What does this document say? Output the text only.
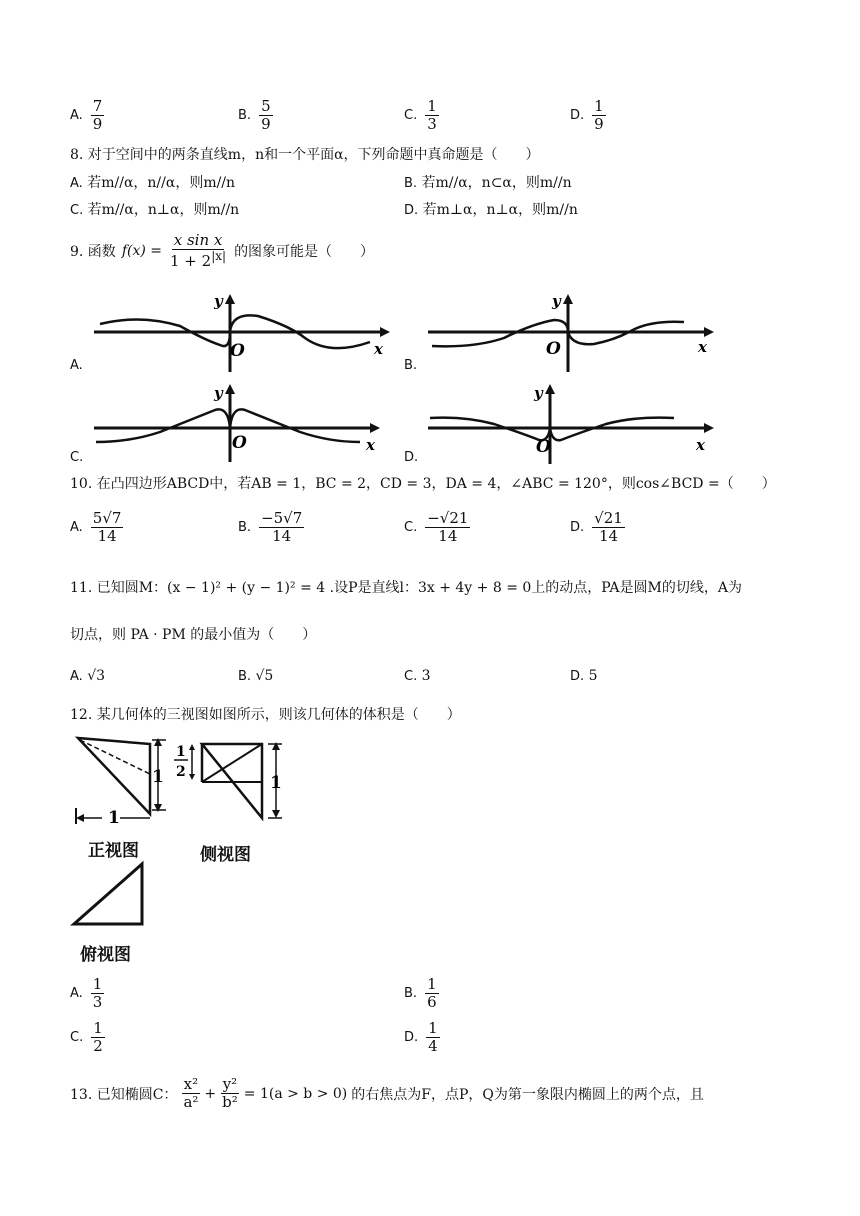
A. $\frac{7}{9}$	B. $\frac{5}{9}$	C. $\frac{1}{3}$	D. $\frac{1}{9}$
8. 对于空间中的两条直线m，n和一个平面α，下列命题中真命题是（　　）
A. 若m//α，n//α，则m//n	B. 若m//α，n⊂α，则m//n
C. 若m//α，n⊥α，则m//n	D. 若m⊥α，n⊥α，则m//n
9. 函数 $f(x) = \frac{\text{x sin x}}{1 + 2^{|x|}}$ 的图象可能是（　　）
A.
y
O	x
B.
y
O	x
C.
y
O	x
D.
y
O	x
10. 在凸四边形ABCD中，若AB = 1，BC = 2，CD = 3，DA = 4，∠ABC = 120°，则cos∠BCD =（　　）
A. $\frac{5√7}{14}$	B. $\frac{-5√7}{14}$	C. $\frac{-√21}{14}$	D. $\frac{√21}{14}$
11. 已知圆M：(x − 1)² + (y − 1)² = 4 .设P是直线l：3x + 4y + 8 = 0上的动点，PA是圆M的切线，A为
切点，则 PA · PM 的最小值为（　　）
A. √3	B. √5	C. 3	D. 5
12. 某几何体的三视图如图所示，则该几何体的体积是（　　）
1
1
正视图
1
2
1
侧视图
俯视图
A. $\frac{1}{3}$	B. $\frac{1}{6}$
C. $\frac{1}{2}$	D. $\frac{1}{4}$
13. 已知椭圆C： $\frac{\text{x²}}{\text{a²}} + \frac{\text{y²}}{\text{b²}} = 1(a > b > 0)$ 的右焦点为F，点P，Q为第一象限内椭圆上的两个点，且
